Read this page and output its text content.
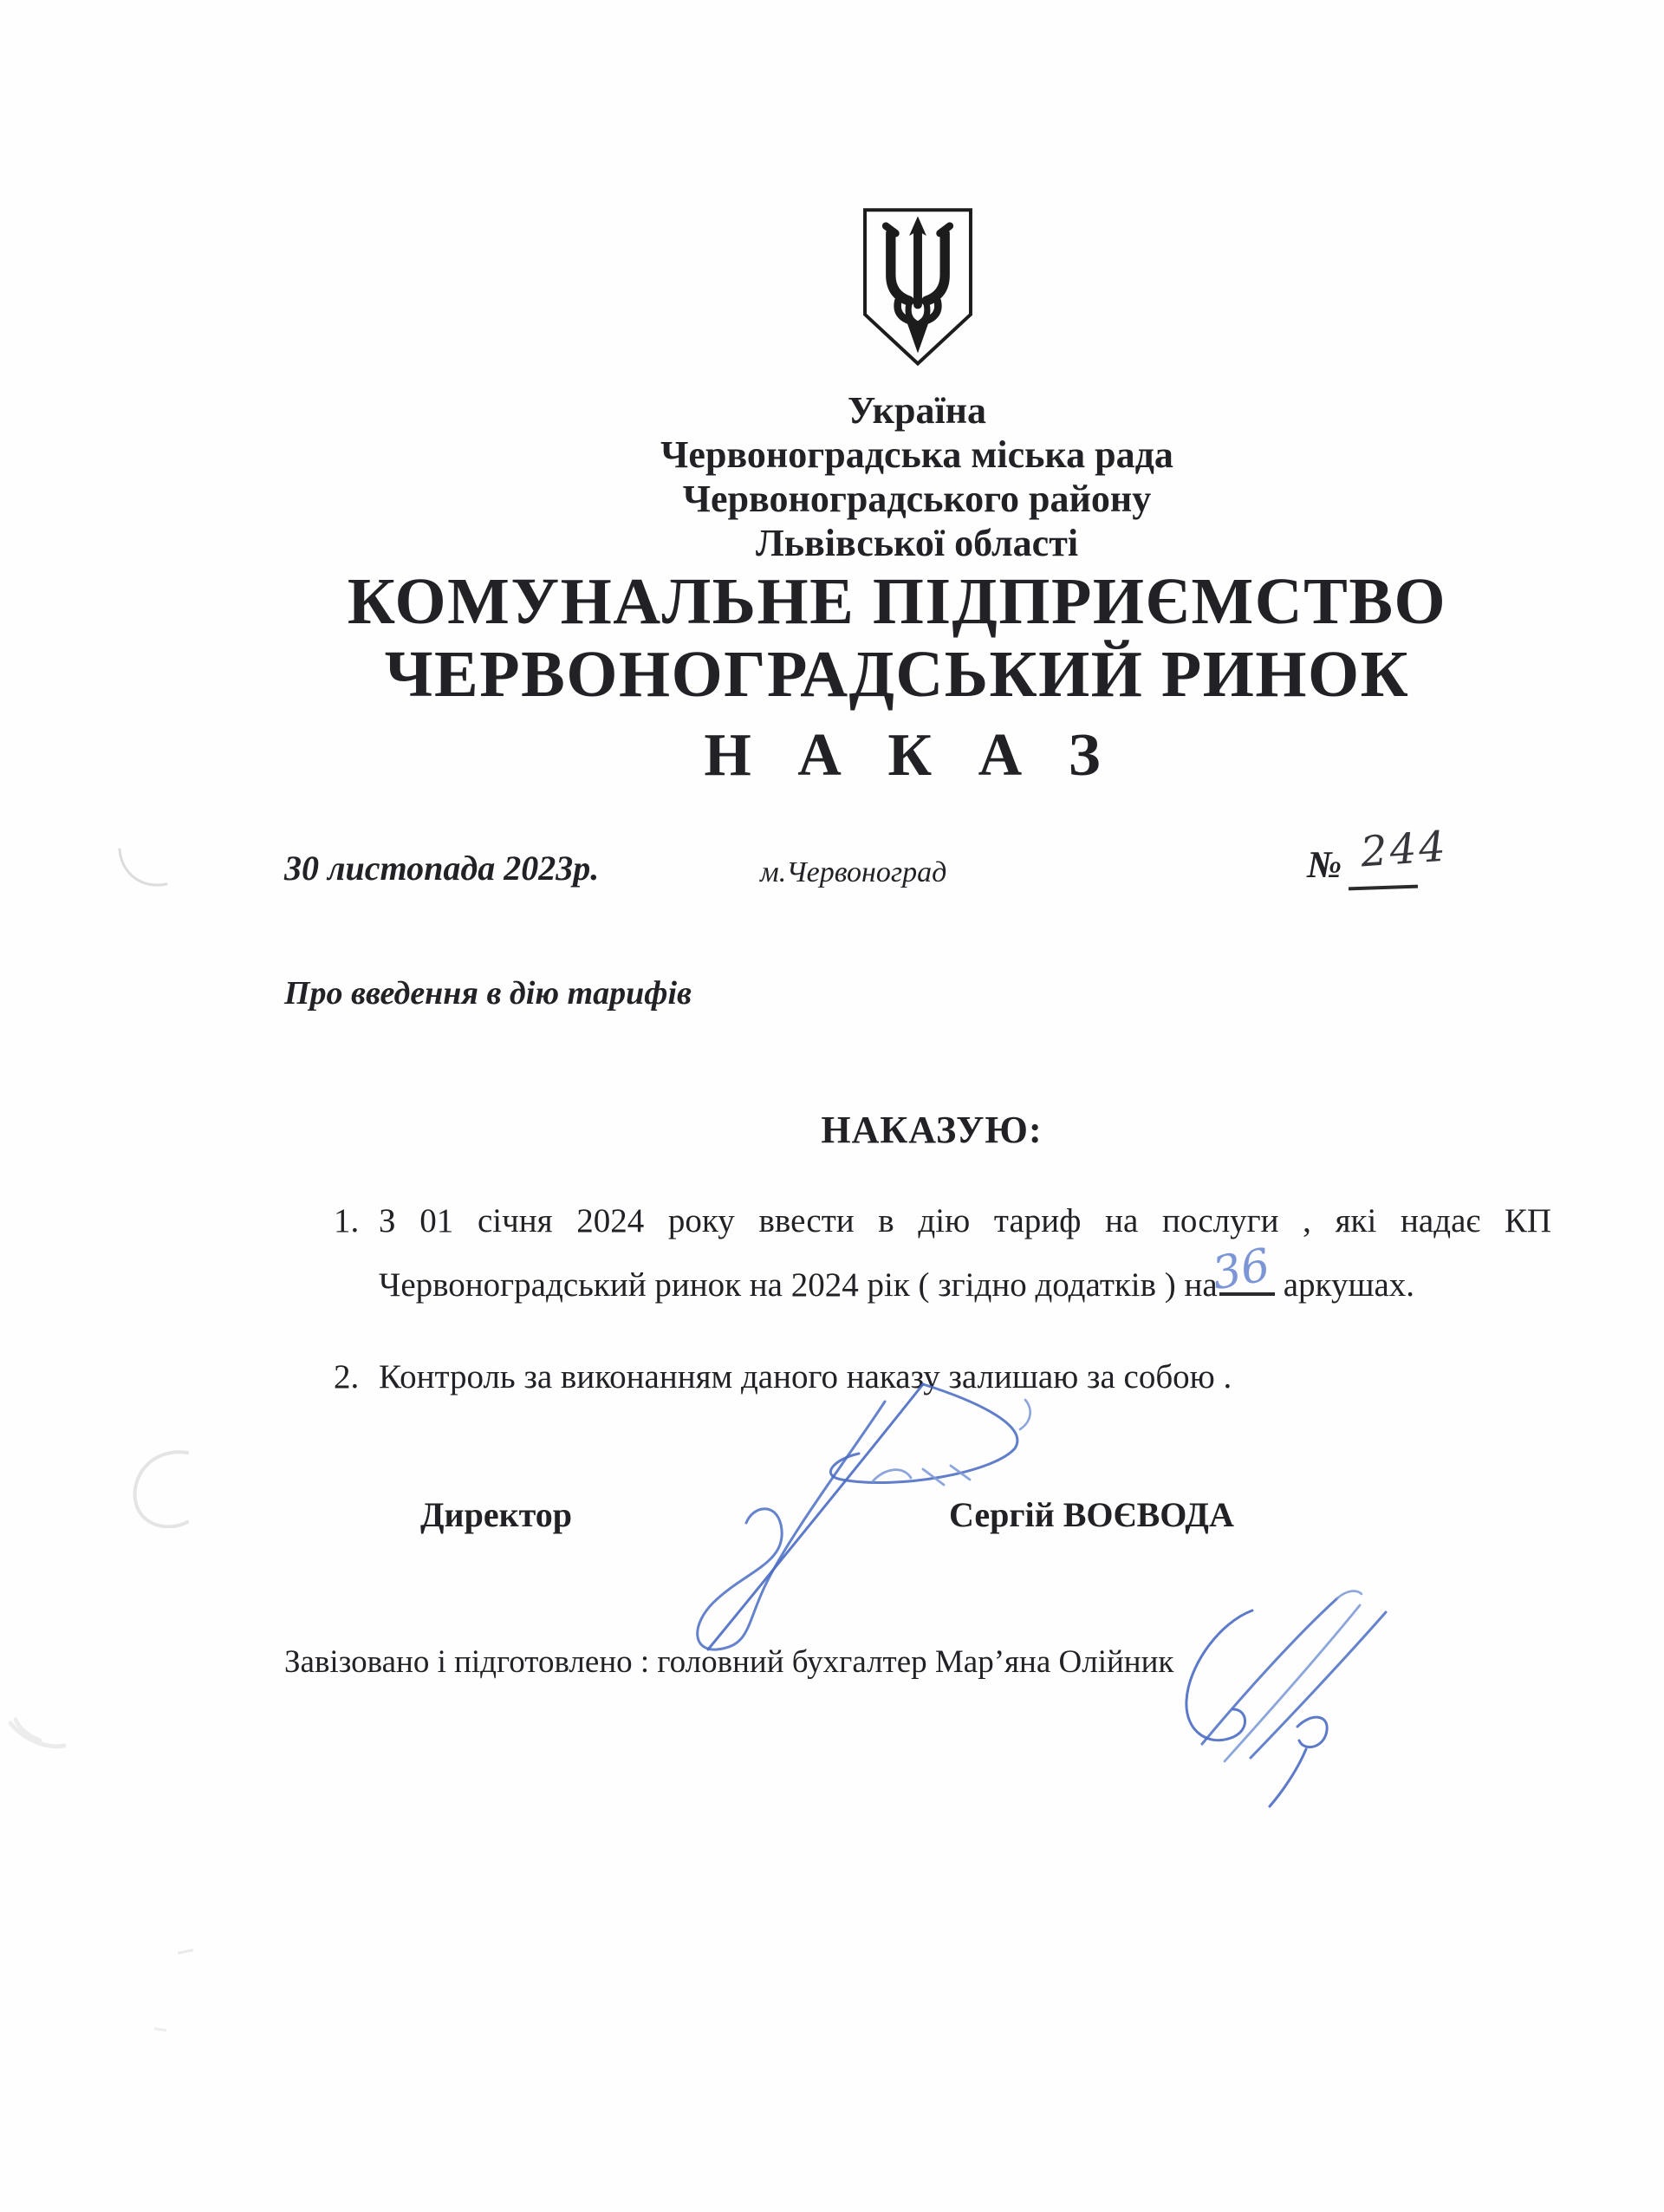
Україна
Червоноградська міська рада
Червоноградського району
Львівської області
КОМУНАЛЬНЕ ПІДПРИЄМСТВО
ЧЕРВОНОГРАДСЬКИЙ РИНОК
Н А К А З
30 листопада 2023р.	м.Червоноград	№ 244
Про введення в дію тарифів
НАКАЗУЮ:
1. З 01 січня 2024 року ввести в дію тариф на послуги , які надає КП Червоноградський ринок на 2024 рік ( згідно додатків ) на
36 аркушах.
2. Контроль за виконанням даного наказу залишаю за собою .
Директор	Сергій ВОЄВОДА
Завізовано і підготовлено : головний бухгалтер Мар’яна Олійник
